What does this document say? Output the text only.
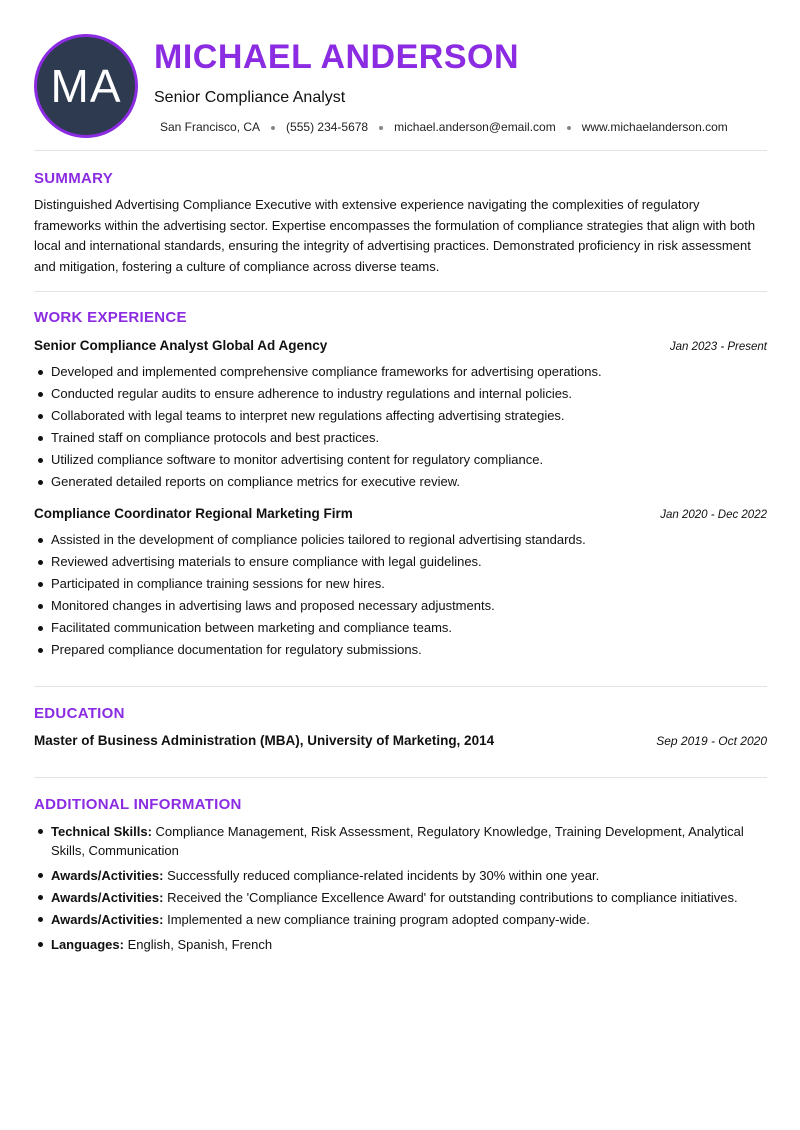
MA
MICHAEL ANDERSON
Senior Compliance Analyst
San Francisco, CA (555) 234-5678 michael.anderson@email.com www.michaelanderson.com
SUMMARY
Distinguished Advertising Compliance Executive with extensive experience navigating the complexities of regulatory frameworks within the advertising sector. Expertise encompasses the formulation of compliance strategies that align with both local and international standards, ensuring the integrity of advertising practices. Demonstrated proficiency in risk assessment and mitigation, fostering a culture of compliance across diverse teams.
WORK EXPERIENCE
Senior Compliance Analyst Global Ad Agency	Jan 2023 - Present
Developed and implemented comprehensive compliance frameworks for advertising operations.
Conducted regular audits to ensure adherence to industry regulations and internal policies.
Collaborated with legal teams to interpret new regulations affecting advertising strategies.
Trained staff on compliance protocols and best practices.
Utilized compliance software to monitor advertising content for regulatory compliance.
Generated detailed reports on compliance metrics for executive review.
Compliance Coordinator Regional Marketing Firm	Jan 2020 - Dec 2022
Assisted in the development of compliance policies tailored to regional advertising standards.
Reviewed advertising materials to ensure compliance with legal guidelines.
Participated in compliance training sessions for new hires.
Monitored changes in advertising laws and proposed necessary adjustments.
Facilitated communication between marketing and compliance teams.
Prepared compliance documentation for regulatory submissions.
EDUCATION
Master of Business Administration (MBA), University of Marketing, 2014	Sep 2019 - Oct 2020
ADDITIONAL INFORMATION
Technical Skills: Compliance Management, Risk Assessment, Regulatory Knowledge, Training Development, Analytical Skills, Communication
Awards/Activities: Successfully reduced compliance-related incidents by 30% within one year.
Awards/Activities: Received the 'Compliance Excellence Award' for outstanding contributions to compliance initiatives.
Awards/Activities: Implemented a new compliance training program adopted company-wide.
Languages: English, Spanish, French
